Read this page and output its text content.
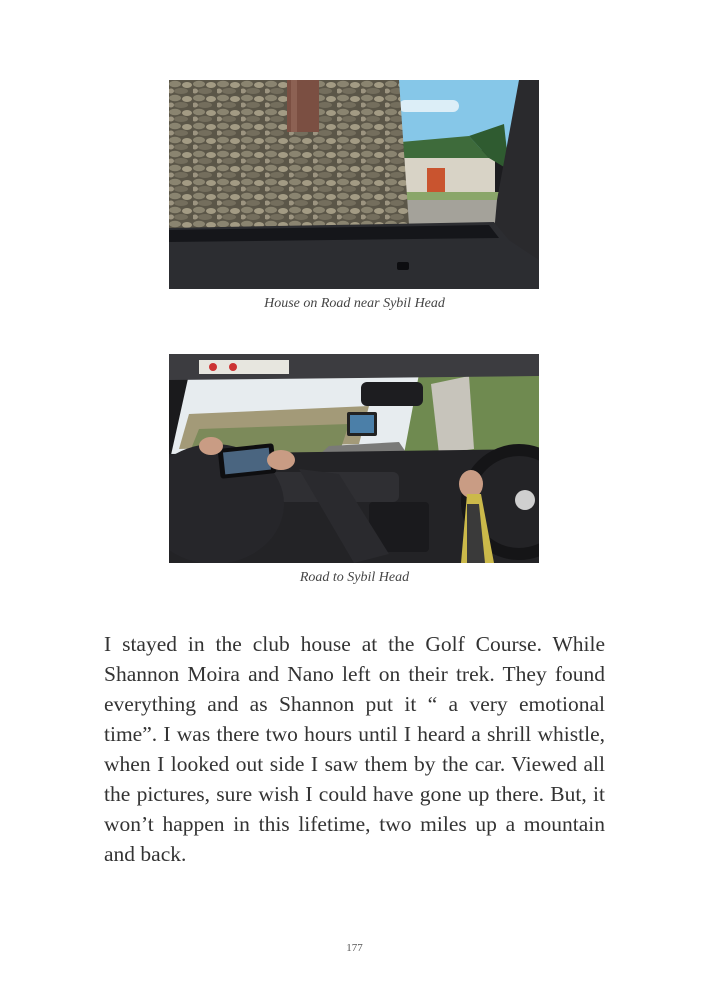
House on Road near Sybil Head
Road to Sybil Head

I stayed in the club house at the Golf Course. While Shannon Moira and Nano left on their trek. They found everything and as Shannon put it “ a very emotional time”. I was there two hours until I heard a shrill whistle, when I looked out side I saw them by the car. Viewed all the pictures, sure wish I could have gone up there. But, it won’t happen in this lifetime, two miles up a mountain and back.

177
